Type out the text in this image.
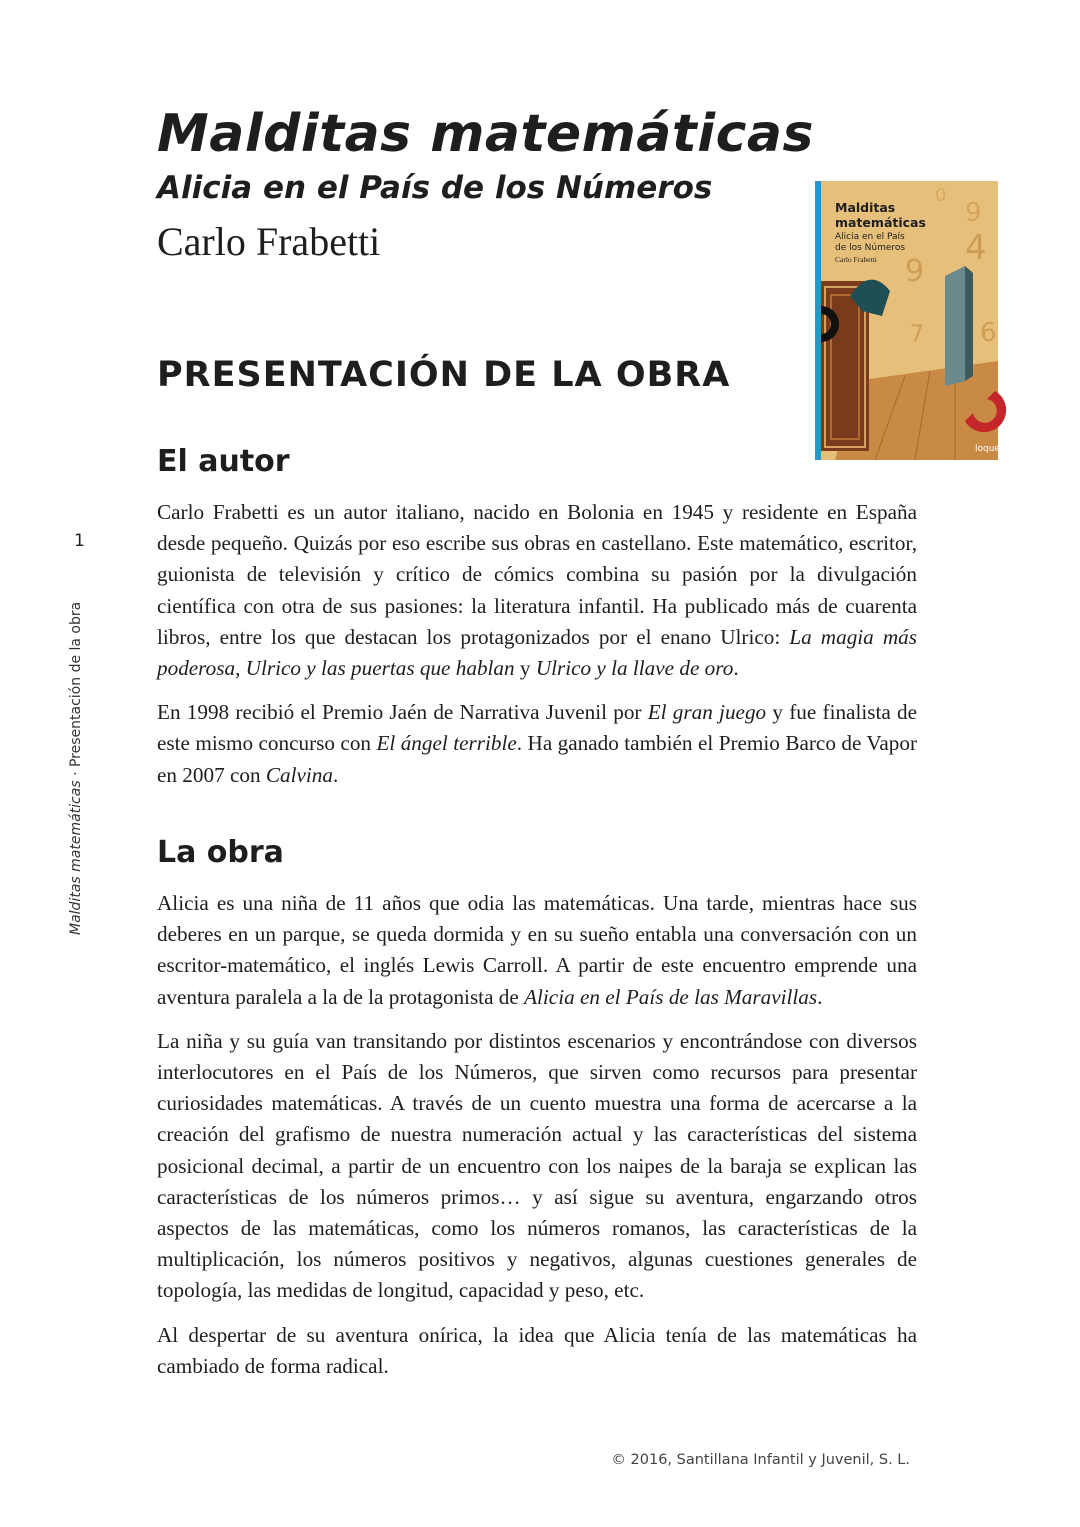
Malditas matemáticas
Alicia en el País de los Números
Carlo Frabetti
9
4
9
7 6
0
loqueleo
Malditas
matemáticas
Alicia en el País
de los Números
Carlo Frabetti
PRESENTACIÓN DE LA OBRA
El autor

Carlo Frabetti es un autor italiano, nacido en Bolonia en 1945 y residente en España desde pequeño. Quizás por eso escribe sus obras en castellano. Este matemático, escritor, guionista de televisión y crítico de cómics combina su pasión por la divulgación científica con otra de sus pasiones: la literatura infantil. Ha publicado más de cuarenta libros, entre los que destacan los protagonizados por el enano Ulrico: La magia más poderosa, Ulrico y las puertas que hablan y Ulrico y la llave de oro.

En 1998 recibió el Premio Jaén de Narrativa Juvenil por El gran juego y fue finalista de este mismo concurso con El ángel terrible. Ha ganado también el Premio Barco de Vapor en 2007 con Calvina.

La obra

Alicia es una niña de 11 años que odia las matemáticas. Una tarde, mientras hace sus deberes en un parque, se queda dormida y en su sueño entabla una conversación con un escritor-matemático, el inglés Lewis Carroll. A partir de este encuentro emprende una aventura paralela a la de la protagonista de Alicia en el País de las Maravillas.

La niña y su guía van transitando por distintos escenarios y encontrándose con diversos interlocutores en el País de los Números, que sirven como recursos para presentar curiosidades matemáticas. A través de un cuento muestra una forma de acercarse a la creación del grafismo de nuestra numeración actual y las características del sistema posicional decimal, a partir de un encuentro con los naipes de la baraja se explican las características de los números primos… y así sigue su aventura, engarzando otros aspectos de las matemáticas, como los números romanos, las características de la multiplicación, los números positivos y negativos, algunas cuestiones generales de topología, las medidas de longitud, capacidad y peso, etc.

Al despertar de su aventura onírica, la idea que Alicia tenía de las matemáticas ha cambiado de forma radical.

1
Malditas matemáticas · Presentación de la obra
© 2016, Santillana Infantil y Juvenil, S. L.
